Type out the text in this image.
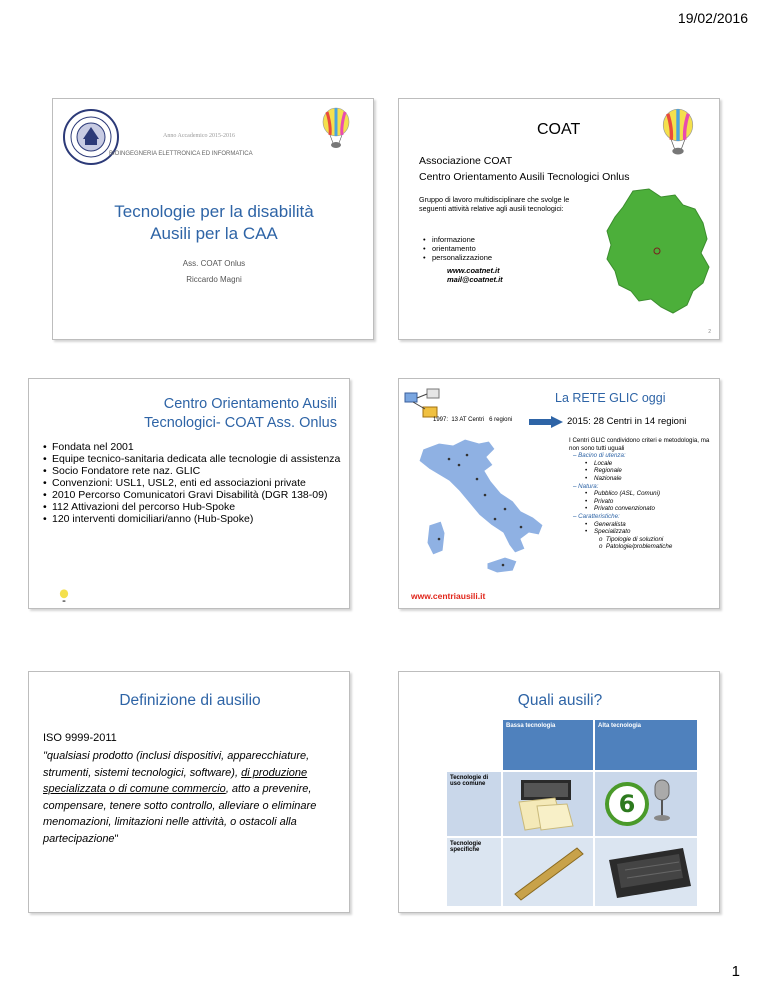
19/02/2016
Anno Accademico 2015-2016
BIOINGEGNERIA ELETTRONICA ED INFORMATICA
Tecnologie per la disabilità
Ausili per la CAA
Ass. COAT Onlus
Riccardo Magni
COAT
Associazione COAT
Centro Orientamento Ausili Tecnologici Onlus
Gruppo di lavoro multidisciplinare che svolge le seguenti attività relative agli ausili tecnologici:
• informazione
• orientamento
• personalizzazione
www.coatnet.it
mail@coatnet.it
2
Centro Orientamento Ausili
Tecnologici- COAT Ass. Onlus
• Fondata nel 2001
• Equipe tecnico-sanitaria dedicata alle tecnologie di assistenza
• Socio Fondatore rete naz. GLIC
• Convenzioni: USL1, USL2, enti ed associazioni private
• 2010 Percorso Comunicatori Gravi Disabilità (DGR 138-09)
• 112 Attivazioni del percorso Hub-Spoke
• 120 interventi domiciliari/anno (Hub-Spoke)
La RETE GLIC oggi
1997:  13 AT Centri   6 regioni	2015: 28 Centri in 14 regioni
I Centri GLIC condividono criteri e metodologia, ma non sono tutti uguali
– Bacino di utenza:
• Locale
• Regionale
• Nazionale
– Natura:
• Pubblico (ASL, Comuni)
• Privato
• Privato convenzionato
– Caratteristiche:
• Generalista
• Specializzato
o  Tipologie di soluzioni
o  Patologie/problematiche
www.centriausili.it
Definizione di ausilio
ISO 9999-2011
"qualsiasi prodotto (inclusi dispositivi, apparecchiature, strumenti, sistemi tecnologici, software), di produzione specializzata o di comune commercio, atto a prevenire, compensare, tenere sotto controllo, alleviare o eliminare menomazioni, limitazioni nelle attività, o ostacoli alla partecipazione"
Quali ausili?
Bassa tecnologia	Alta tecnologia
Tecnologie di uso comune
6
Tecnologie specifiche
1
